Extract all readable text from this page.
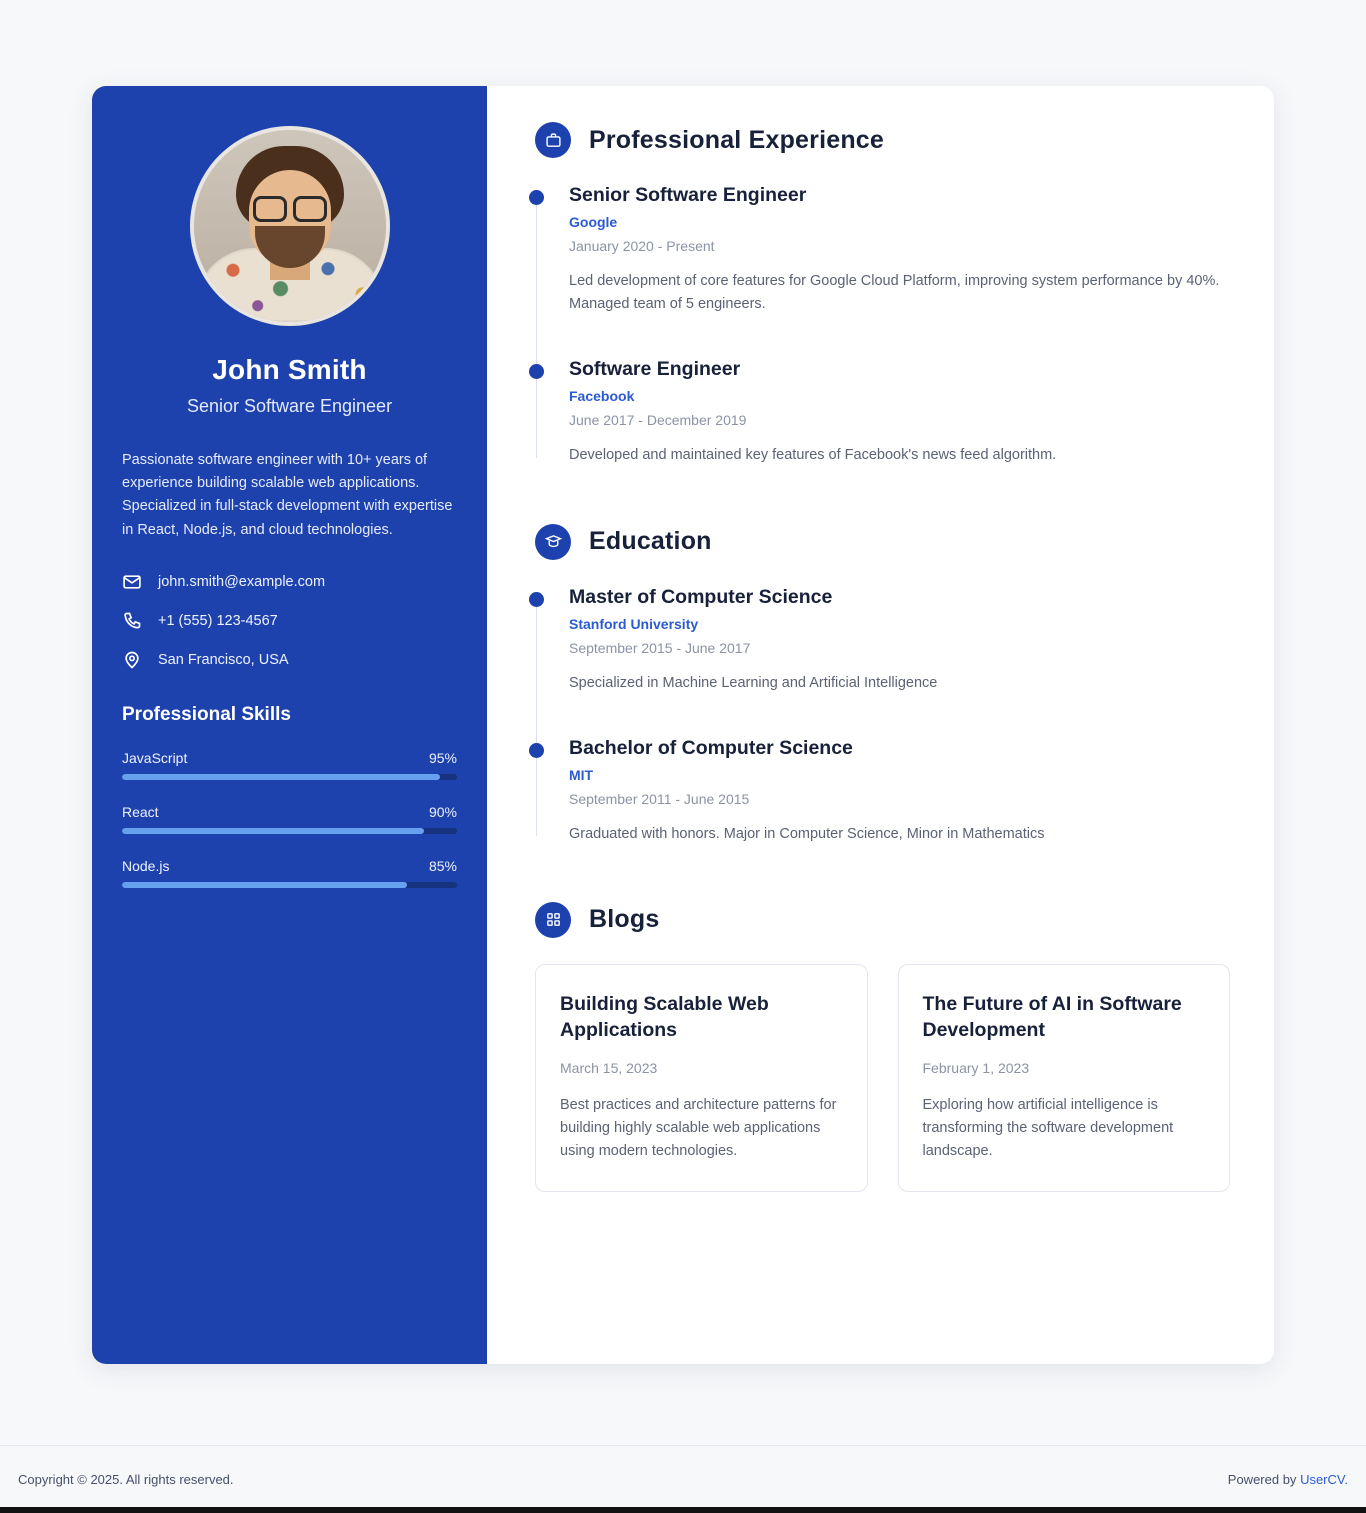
John Smith
Senior Software Engineer

Passionate software engineer with 10+ years of experience building scalable web applications. Specialized in full-stack development with expertise in React, Node.js, and cloud technologies.

john.smith@example.com
+1 (555) 123-4567
San Francisco, USA
Professional Skills
JavaScript	95%
React	90%
Node.js	85%
Professional Experience
Senior Software Engineer
Google
January 2020 - Present

Led development of core features for Google Cloud Platform, improving system performance by 40%. Managed team of 5 engineers.

Software Engineer
Facebook
June 2017 - December 2019

Developed and maintained key features of Facebook's news feed algorithm.

Education
Master of Computer Science
Stanford University
September 2015 - June 2017

Specialized in Machine Learning and Artificial Intelligence

Bachelor of Computer Science
MIT
September 2011 - June 2015

Graduated with honors. Major in Computer Science, Minor in Mathematics

Blogs
Building Scalable Web Applications
March 15, 2023

Best practices and architecture patterns for building highly scalable web applications using modern technologies.

The Future of AI in Software Development
February 1, 2023

Exploring how artificial intelligence is transforming the software development landscape.

Copyright © 2025. All rights reserved.	Powered by UserCV.
